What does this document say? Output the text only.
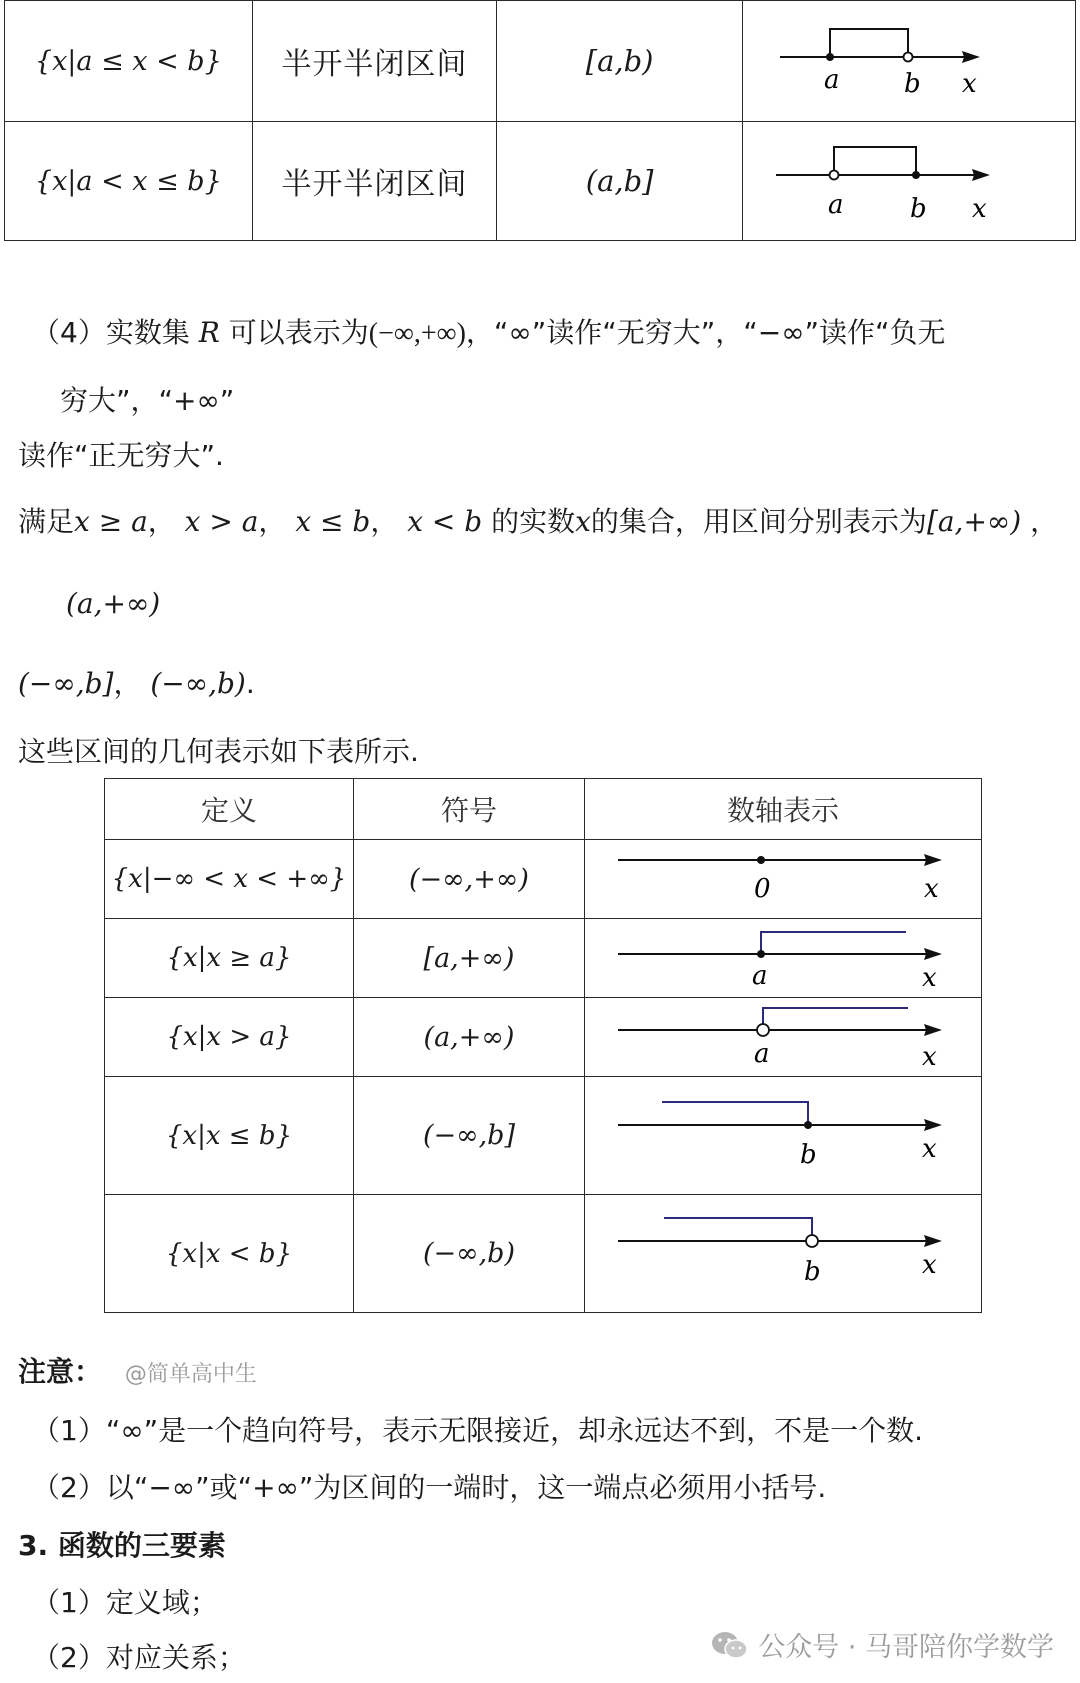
{x|a ≤ x < b}	半开半闭区间	[a,b)	a b x

{x|a < x ≤ b}	半开半闭区间	(a,b]	a b x
（4）实数集 R 可以表示为(−∞,+∞)，“∞”读作“无穷大”，“−∞”读作“负无
穷大”，“+∞”
读作“正无穷大”.
满足x ≥ a， x > a， x ≤ b， x < b 的实数x的集合，用区间分别表示为[a,+∞) ，
(a,+∞)
(−∞,b]， (−∞,b).
这些区间的几何表示如下表所示.
定义	符号	数轴表示
{x|−∞ < x < +∞}	(−∞,+∞)	0 x

{x|x ≥ a}	[a,+∞)	a x

{x|x > a}	(a,+∞)	a x

{x|x ≤ b}	(−∞,b]	b x

{x|x < b}	(−∞,b)	b x
注意： @简单高中生
（1）“∞”是一个趋向符号，表示无限接近，却永远达不到，不是一个数.
（2）以“−∞”或“+∞”为区间的一端时，这一端点必须用小括号.
3. 函数的三要素
（1）定义域；
（2）对应关系；	公众号 · 马哥陪你学数学
